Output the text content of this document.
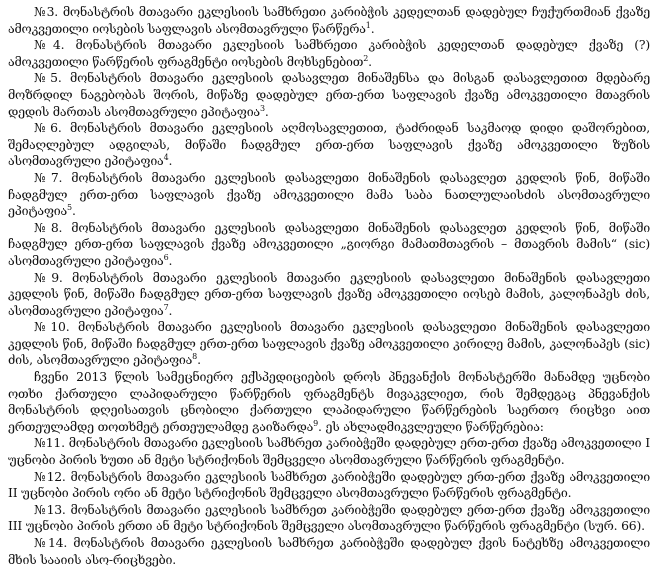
№3. მონასტრის მთავარი ეკლესიის სამხრეთი კარიბჭის კედელთან დადებულ ჩუქურთმიან ქვაზე ამოკვეთილი იოსების საფლავის ასომთავრული წარწერა$^1$.

№4. მონასტრის მთავარი ეკლესიის სამხრეთი კარიბჭის კედელთან დადებულ ქვაზე (?) ამოკვეთილი წარწერის ფრაგმენტი იოსების მოხსენებით$^2$.

№5. მონასტრის მთავარი ეკლესიის დასავლეთ მინაშენსა და მისგან დასავლეთით მდებარე მოზრდილ ნაგებობას შორის, მიწაზე დადებულ ერთ-ერთ საფლავის ქვაზე ამოკვეთილი მთავრის დედის მართას ასომთავრული ეპიტაფია$^3$.

№6. მონასტრის მთავარი ეკლესიის აღმოსავლეთით, ტაძრიდან საკმაოდ დიდი დაშორებით, შემაღლებულ ადგილას, მიწაში ჩადგმულ ერთ-ერთ საფლავის ქვაზე ამოკვეთილი ზუზის ასომთავრული ეპიტაფია$^4$.

№7. მონასტრის მთავარი ეკლესიის დასავლეთი მინაშენის დასავლეთ კედლის წინ, მიწაში ჩადგმულ ერთ-ერთ საფლავის ქვაზე ამოკვეთილი მამა საბა ნათლულაისძის ასომთავრული ეპიტაფია$^5$.

№8. მონასტრის მთავარი ეკლესიის დასავლეთი მინაშენის დასავლეთ კედლის წინ, მიწაში ჩადგმულ ერთ-ერთ საფლავის ქვაზე ამოკვეთილი „გიორგი მამათმთავრის – მთავრის მამის“ (sic) ასომთავრული ეპიტაფია$^6$.

№9. მონასტრის მთავარი ეკლესიის მთავარი ეკლესიის დასავლეთი მინაშენის დასავლეთი კედლის წინ, მიწაში ჩადგმულ ერთ-ერთ საფლავის ქვაზე ამოკვეთილი იოსებ მამის, კალონაპეს ძის, ასომთავრული ეპიტაფია$^7$.

№10. მონასტრის მთავარი ეკლესიის მთავარი ეკლესიის დასავლეთი მინაშენის დასავლეთი კედლის წინ, მიწაში ჩადგმულ ერთ-ერთ საფლავის ქვაზე ამოკვეთილი კირილე მამის, კალონაპეს (sic) ძის, ასომთავრული ეპიტაფია$^8$.

ჩვენი 2013 წლის სამეცნიერო ექსპედიციების დროს პნევანქის მონასტერში მანამდე უცნობი ოთხი ქართული ლაპიდარული წარწერის ფრაგმენტს მივაკვლიეთ, რის შემდეგაც პნევანქის მონასტრის დღეისათვის ცნობილი ქართული ლაპიდარული წარწერების საერთო რიცხვი აით ერთეულამდე თოთხმეტ ერთეულამდე გაიზარდა$^9$. ეს ახლადმიკვლეული წარწერებია:

№11. მონასტრის მთავარი ეკლესიის სამხრეთ კარიბჭეში დადებულ ერთ-ერთ ქვაზე ამოკვეთილი I უცნობი პირის ხუთი ან მეტი სტრიქონის შემცველი ასომთავრული წარწერის ფრაგმენტი.

№12. მონასტრის მთავარი ეკლესიის სამხრეთ კარიბჭეში დადებულ ერთ-ერთ ქვაზე ამოკვეთილი II უცნობი პირის ორი ან მეტი სტრიქონის შემცველი ასომთავრული წარწერის ფრაგმენტი.

№13. მონასტრის მთავარი ეკლესიის სამხრეთ კარიბჭეში დადებულ ერთ-ერთ ქვაზე ამოკვეთილი III უცნობი პირის ერთი ან მეტი სტრიქონის შემცველი ასომთავრული წარწერის ფრაგმენტი (სურ. 66).

№14. მონასტრის მთავარი ეკლესიის სამხრეთ კარიბჭეში დადებულ ქვის ნატეხზე ამოკვეთილი მხის სააიის ასო-რიცხვები.
